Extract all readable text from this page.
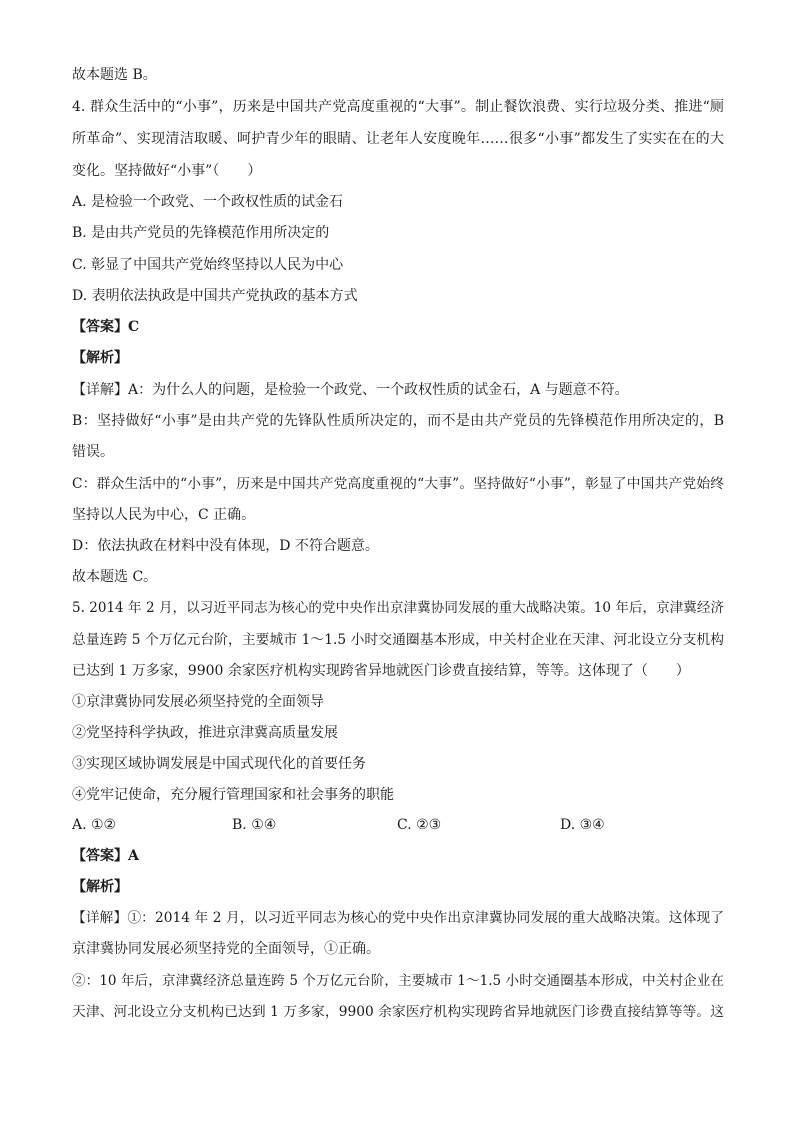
故本题选 B。
4. 群众生活中的“小事”，历来是中国共产党高度重视的“大事”。制止餐饮浪费、实行垃圾分类、推进“厕
所革命”、实现清洁取暖、呵护青少年的眼睛、让老年人安度晚年……很多“小事”都发生了实实在在的大
变化。坚持做好“小事”（　　）
A. 是检验一个政党、一个政权性质的试金石
B. 是由共产党员的先锋模范作用所决定的
C. 彰显了中国共产党始终坚持以人民为中心
D. 表明依法执政是中国共产党执政的基本方式
【答案】C
【解析】
【详解】A：为什么人的问题，是检验一个政党、一个政权性质的试金石，A 与题意不符。
B：坚持做好“小事”是由共产党的先锋队性质所决定的，而不是由共产党员的先锋模范作用所决定的，B
错误。
C：群众生活中的“小事”，历来是中国共产党高度重视的“大事”。坚持做好“小事”，彰显了中国共产党始终
坚持以人民为中心，C 正确。
D：依法执政在材料中没有体现，D 不符合题意。
故本题选 C。
5. 2014 年 2 月，以习近平同志为核心的党中央作出京津冀协同发展的重大战略决策。10 年后，京津冀经济
总量连跨 5 个万亿元台阶，主要城市 1～1.5 小时交通圈基本形成，中关村企业在天津、河北设立分支机构
已达到 1 万多家，9900 余家医疗机构实现跨省异地就医门诊费直接结算，等等。这体现了（　　）
①京津冀协同发展必须坚持党的全面领导
②党坚持科学执政，推进京津冀高质量发展
③实现区域协调发展是中国式现代化的首要任务
④党牢记使命，充分履行管理国家和社会事务的职能
A. ①②	B. ①④	C. ②③	D. ③④
【答案】A
【解析】
【详解】①：2014 年 2 月，以习近平同志为核心的党中央作出京津冀协同发展的重大战略决策。这体现了
京津冀协同发展必须坚持党的全面领导，①正确。
②：10 年后，京津冀经济总量连跨 5 个万亿元台阶，主要城市 1～1.5 小时交通圈基本形成，中关村企业在
天津、河北设立分支机构已达到 1 万多家，9900 余家医疗机构实现跨省异地就医门诊费直接结算等等。这
